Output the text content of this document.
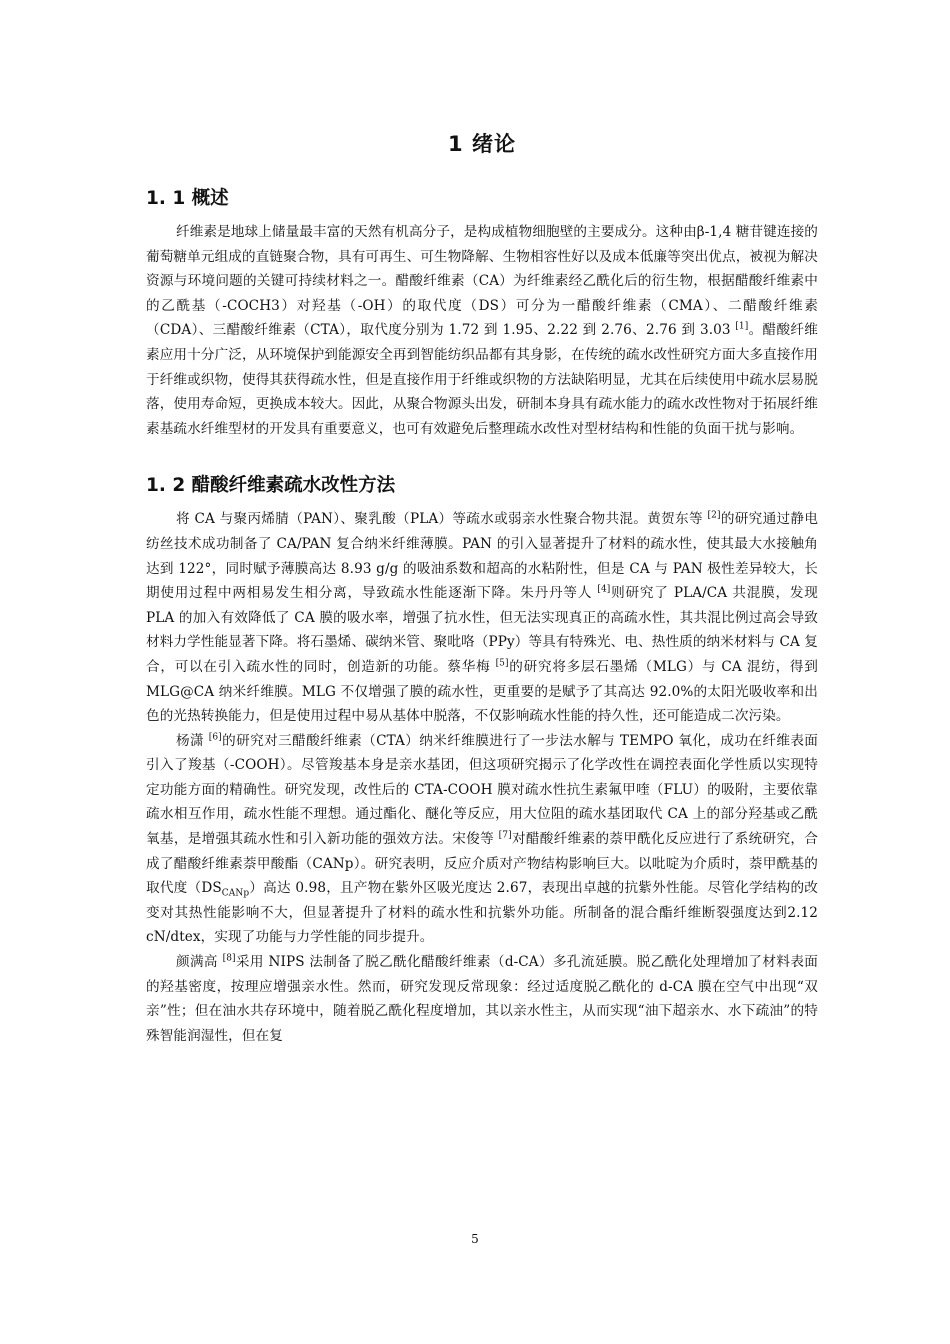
1 绪论
1. 1 概述

纤维素是地球上储量最丰富的天然有机高分子，是构成植物细胞壁的主要成分。这种由β-1,4 糖苷键连接的葡萄糖单元组成的直链聚合物，具有可再生、可生物降解、生物相容性好以及成本低廉等突出优点，被视为解决资源与环境问题的关键可持续材料之一。醋酸纤维素（CA）为纤维素经乙酰化后的衍生物，根据醋酸纤维素中的乙酰基（-COCH3）对羟基（-OH）的取代度（DS）可分为一醋酸纤维素（CMA）、二醋酸纤维素（CDA）、三醋酸纤维素（CTA），取代度分别为 1.72 到 1.95、2.22 到 2.76、2.76 到 3.03 [1]。醋酸纤维素应用十分广泛，从环境保护到能源安全再到智能纺织品都有其身影，在传统的疏水改性研究方面大多直接作用于纤维或织物，使得其获得疏水性，但是直接作用于纤维或织物的方法缺陷明显，尤其在后续使用中疏水层易脱落，使用寿命短，更换成本较大。因此，从聚合物源头出发，研制本身具有疏水能力的疏水改性物对于拓展纤维素基疏水纤维型材的开发具有重要意义，也可有效避免后整理疏水改性对型材结构和性能的负面干扰与影响。

1. 2 醋酸纤维素疏水改性方法

将 CA 与聚丙烯腈（PAN）、聚乳酸（PLA）等疏水或弱亲水性聚合物共混。黄贺东等 [2]的研究通过静电纺丝技术成功制备了 CA/PAN 复合纳米纤维薄膜。PAN 的引入显著提升了材料的疏水性，使其最大水接触角达到 122°，同时赋予薄膜高达 8.93 g/g 的吸油系数和超高的水粘附性，但是 CA 与 PAN 极性差异较大，长期使用过程中两相易发生相分离，导致疏水性能逐渐下降。朱丹丹等人 [4]则研究了 PLA/CA 共混膜，发现 PLA 的加入有效降低了 CA 膜的吸水率，增强了抗水性，但无法实现真正的高疏水性，其共混比例过高会导致材料力学性能显著下降。将石墨烯、碳纳米管、聚吡咯（PPy）等具有特殊光、电、热性质的纳米材料与 CA 复合，可以在引入疏水性的同时，创造新的功能。蔡华梅 [5]的研究将多层石墨烯（MLG）与 CA 混纺，得到 MLG@CA 纳米纤维膜。MLG 不仅增强了膜的疏水性，更重要的是赋予了其高达 92.0%的太阳光吸收率和出色的光热转换能力，但是使用过程中易从基体中脱落，不仅影响疏水性能的持久性，还可能造成二次污染。

杨潇 [6]的研究对三醋酸纤维素（CTA）纳米纤维膜进行了一步法水解与 TEMPO 氧化，成功在纤维表面引入了羧基（-COOH）。尽管羧基本身是亲水基团，但这项研究揭示了化学改性在调控表面化学性质以实现特定功能方面的精确性。研究发现，改性后的 CTA-COOH 膜对疏水性抗生素氟甲喹（FLU）的吸附，主要依靠疏水相互作用，疏水性能不理想。通过酯化、醚化等反应，用大位阻的疏水基团取代 CA 上的部分羟基或乙酰氧基，是增强其疏水性和引入新功能的强效方法。宋俊等 [7]对醋酸纤维素的萘甲酰化反应进行了系统研究，合成了醋酸纤维素萘甲酸酯（CANp）。研究表明，反应介质对产物结构影响巨大。以吡啶为介质时，萘甲酰基的取代度$(DS_{CANp})$高达 0.98，且产物在紫外区吸光度达 2.67，表现出卓越的抗紫外性能。尽管化学结构的改变对其热性能影响不大，但显著提升了材料的疏水性和抗紫外功能。所制备的混合酯纤维断裂强度达到2.12 cN/dtex，实现了功能与力学性能的同步提升。

颜满高 [8]采用 NIPS 法制备了脱乙酰化醋酸纤维素（d-CA）多孔流延膜。脱乙酰化处理增加了材料表面的羟基密度，按理应增强亲水性。然而，研究发现反常现象：经过适度脱乙酰化的 d-CA 膜在空气中出现“双亲”性；但在油水共存环境中，随着脱乙酰化程度增加，其以亲水性主，从而实现“油下超亲水、水下疏油”的特殊智能润湿性，但在复

5
